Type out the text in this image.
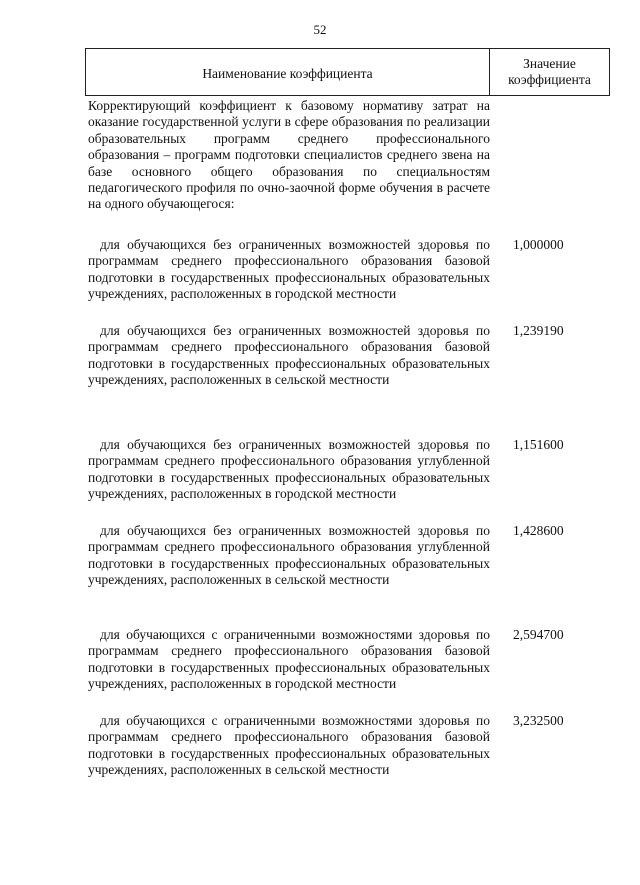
52
Наименование коэффициента
Значение
коэффициента
Корректирующий коэффициент к базовому нормативу затрат на оказание государственной услуги в сфере образования по реализации образовательных программ среднего профессионального образования – программ подготовки специалистов среднего звена на базе основного общего образования по специальностям педагогического профиля по очно-заочной форме обучения в расчете на одного обучающегося:
для обучающихся без ограниченных возможностей здоровья по программам среднего профессионального образования базовой подготовки в государственных профессиональных образовательных учреждениях, расположенных в городской местности
1,000000
для обучающихся без ограниченных возможностей здоровья по программам среднего профессионального образования базовой подготовки в государственных профессиональных образовательных учреждениях, расположенных в сельской местности
1,239190
для обучающихся без ограниченных возможностей здоровья по программам среднего профессионального образования углубленной подготовки в государственных профессиональных образовательных учреждениях, расположенных в городской местности
1,151600
для обучающихся без ограниченных возможностей здоровья по программам среднего профессионального образования углубленной подготовки в государственных профессиональных образовательных учреждениях, расположенных в сельской местности
1,428600
для обучающихся с ограниченными возможностями здоровья по программам среднего профессионального образования базовой подготовки в государственных профессиональных образовательных учреждениях, расположенных в городской местности
2,594700
для обучающихся с ограниченными возможностями здоровья по программам среднего профессионального образования базовой подготовки в государственных профессиональных образовательных учреждениях, расположенных в сельской местности
3,232500
